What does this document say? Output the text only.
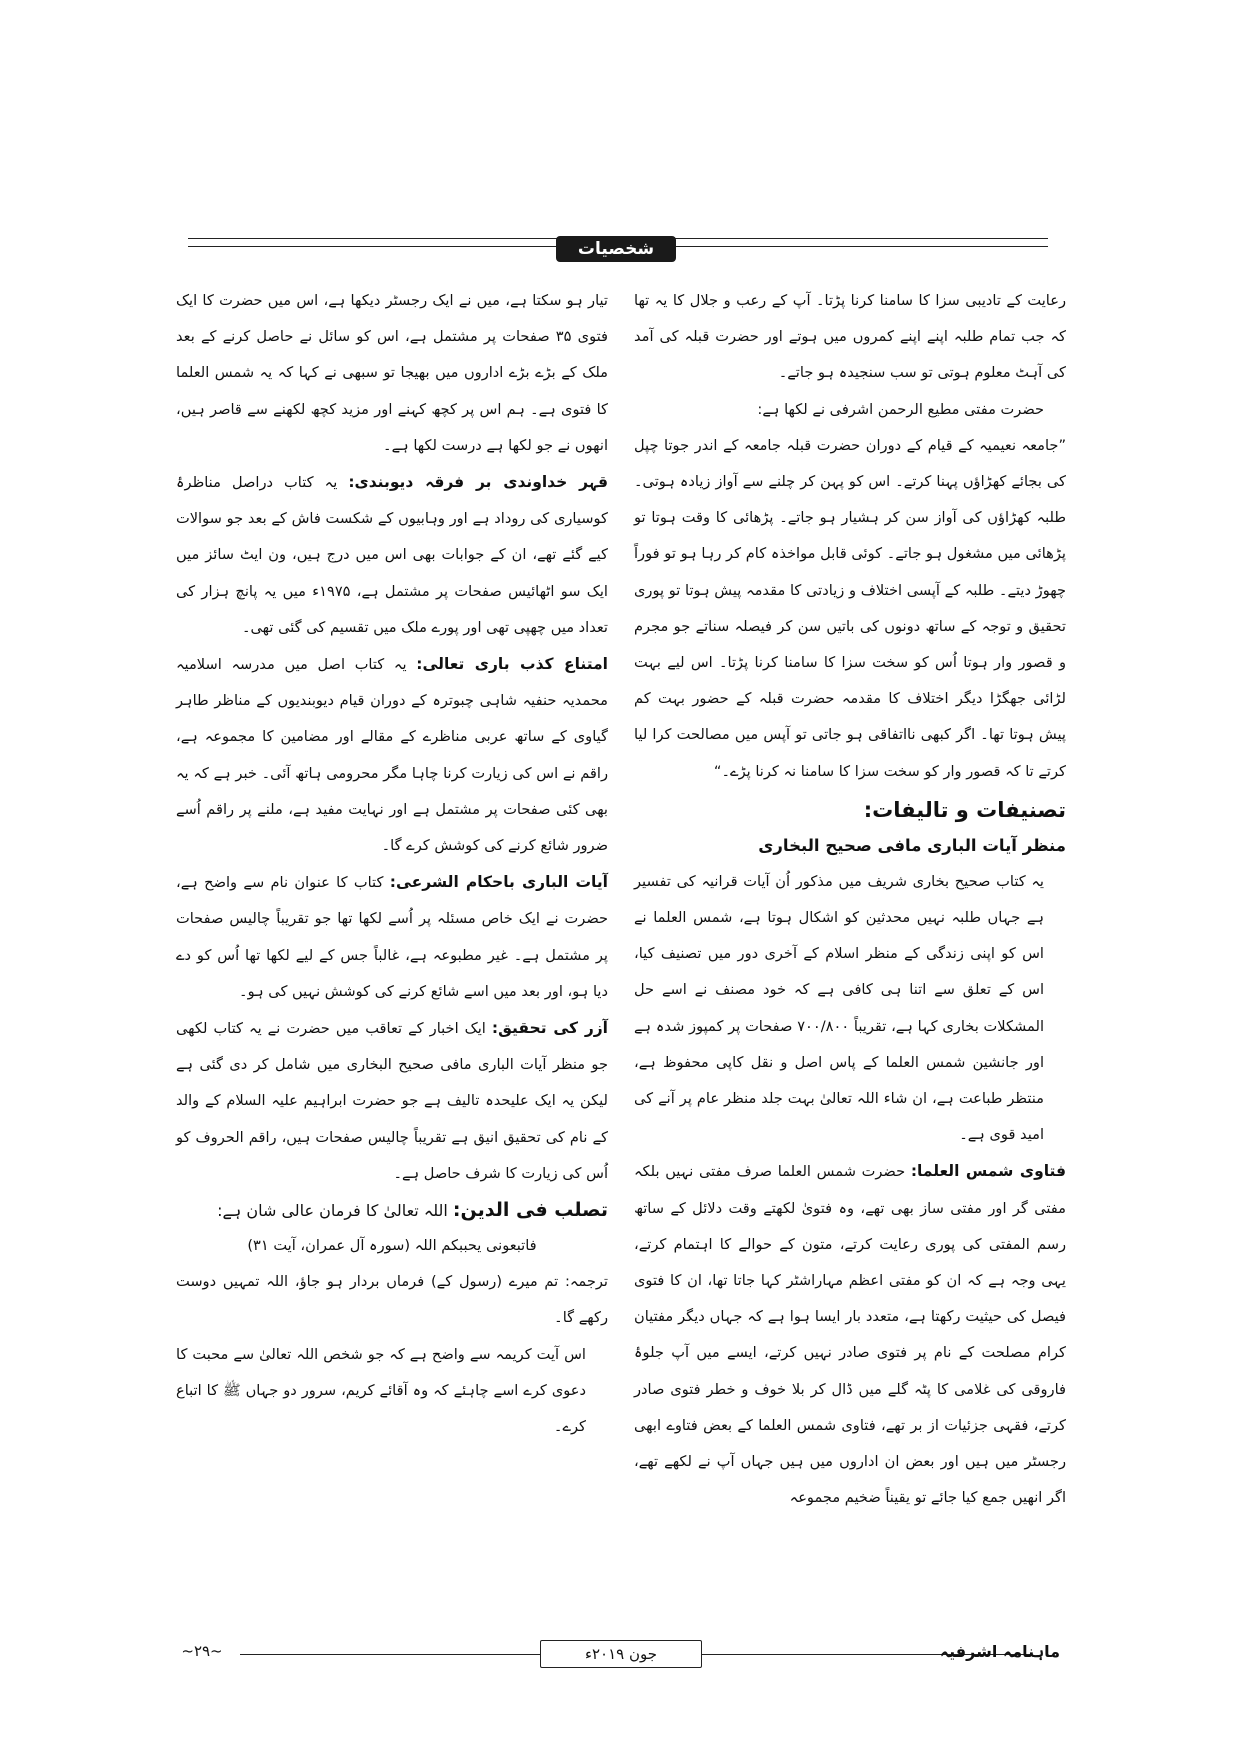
شخصیات

رعایت کے تادیبی سزا کا سامنا کرنا پڑتا۔ آپ کے رعب و جلال کا یہ تھا کہ جب تمام طلبہ اپنے اپنے کمروں میں ہوتے اور حضرت قبلہ کی آمد کی آہٹ معلوم ہوتی تو سب سنجیدہ ہو جاتے۔

حضرت مفتی مطیع الرحمن اشرفی نے لکھا ہے:

”جامعہ نعیمیہ کے قیام کے دوران حضرت قبلہ جامعہ کے اندر جوتا چپل کی بجائے کھڑاؤں پہنا کرتے۔ اس کو پہن کر چلنے سے آواز زیادہ ہوتی۔ طلبہ کھڑاؤں کی آواز سن کر ہشیار ہو جاتے۔ پڑھائی کا وقت ہوتا تو پڑھائی میں مشغول ہو جاتے۔ کوئی قابل مواخذہ کام کر رہا ہو تو فوراً چھوڑ دیتے۔ طلبہ کے آپسی اختلاف و زیادتی کا مقدمہ پیش ہوتا تو پوری تحقیق و توجہ کے ساتھ دونوں کی باتیں سن کر فیصلہ سناتے جو مجرم و قصور وار ہوتا اُس کو سخت سزا کا سامنا کرنا پڑتا۔ اس لیے بہت لڑائی جھگڑا دیگر اختلاف کا مقدمہ حضرت قبلہ کے حضور بہت کم پیش ہوتا تھا۔ اگر کبھی نااتفاقی ہو جاتی تو آپس میں مصالحت کرا لیا کرتے تا کہ قصور وار کو سخت سزا کا سامنا نہ کرنا پڑے۔“

تصنیفات و تالیفات:
منظر آیات الباری مافی صحیح البخاری

یہ کتاب صحیح بخاری شریف میں مذکور اُن آیات قرانیہ کی تفسیر ہے جہاں طلبہ نہیں محدثین کو اشکال ہوتا ہے، شمس العلما نے اس کو اپنی زندگی کے منظر اسلام کے آخری دور میں تصنیف کیا، اس کے تعلق سے اتنا ہی کافی ہے کہ خود مصنف نے اسے حل المشکلات بخاری کہا ہے، تقریباً ۷۰۰/۸۰۰ صفحات پر کمپوز شدہ ہے اور جانشین شمس العلما کے پاس اصل و نقل کاپی محفوظ ہے، منتظر طباعت ہے، ان شاء اللہ تعالیٰ بہت جلد منظر عام پر آنے کی امید قوی ہے۔

فتاوی شمس العلما: حضرت شمس العلما صرف مفتی نہیں بلکہ مفتی گر اور مفتی ساز بھی تھے، وہ فتویٰ لکھتے وقت دلائل کے ساتھ رسم المفتی کی پوری رعایت کرتے، متون کے حوالے کا اہتمام کرتے، یہی وجہ ہے کہ ان کو مفتی اعظم مہاراشٹر کہا جاتا تھا، ان کا فتوی فیصل کی حیثیت رکھتا ہے، متعدد بار ایسا ہوا ہے کہ جہاں دیگر مفتیان کرام مصلحت کے نام پر فتوی صادر نہیں کرتے، ایسے میں آپ جلوۂ فاروقی کی غلامی کا پٹہ گلے میں ڈال کر بلا خوف و خطر فتوی صادر کرتے، فقہی جزئیات از بر تھے، فتاوی شمس العلما کے بعض فتاوے ابھی رجسٹر میں ہیں اور بعض ان اداروں میں ہیں جہاں آپ نے لکھے تھے، اگر انھیں جمع کیا جائے تو یقیناً ضخیم مجموعہ

تیار ہو سکتا ہے، میں نے ایک رجسٹر دیکھا ہے، اس میں حضرت کا ایک فتوی ۳۵ صفحات پر مشتمل ہے، اس کو سائل نے حاصل کرنے کے بعد ملک کے بڑے بڑے اداروں میں بھیجا تو سبھی نے کہا کہ یہ شمس العلما کا فتوی ہے۔ ہم اس پر کچھ کہنے اور مزید کچھ لکھنے سے قاصر ہیں، انھوں نے جو لکھا ہے درست لکھا ہے۔

قہر خداوندی بر فرقہ دیوبندی: یہ کتاب دراصل مناظرۂ کوسیاری کی روداد ہے اور وہابیوں کے شکست فاش کے بعد جو سوالات کیے گئے تھے، ان کے جوابات بھی اس میں درج ہیں، ون ایٹ سائز میں ایک سو اٹھائیس صفحات پر مشتمل ہے، ۱۹۷۵ء میں یہ پانچ ہزار کی تعداد میں چھپی تھی اور پورے ملک میں تقسیم کی گئی تھی۔

امتناع کذب باری تعالی: یہ کتاب اصل میں مدرسہ اسلامیہ محمدیہ حنفیہ شاہی چبوترہ کے دوران قیام دیوبندیوں کے مناظر طاہر گیاوی کے ساتھ عربی مناظرے کے مقالے اور مضامین کا مجموعہ ہے، راقم نے اس کی زیارت کرنا چاہا مگر محرومی ہاتھ آئی۔ خبر ہے کہ یہ بھی کئی صفحات پر مشتمل ہے اور نہایت مفید ہے، ملنے پر راقم اُسے ضرور شائع کرنے کی کوشش کرے گا۔

آیات الباری باحکام الشرعی: کتاب کا عنوان نام سے واضح ہے، حضرت نے ایک خاص مسئلہ پر اُسے لکھا تھا جو تقریباً چالیس صفحات پر مشتمل ہے۔ غیر مطبوعہ ہے، غالباً جس کے لیے لکھا تھا اُس کو دے دیا ہو، اور بعد میں اسے شائع کرنے کی کوشش نہیں کی ہو۔

آزر کی تحقیق: ایک اخبار کے تعاقب میں حضرت نے یہ کتاب لکھی جو منظر آیات الباری مافی صحیح البخاری میں شامل کر دی گئی ہے لیکن یہ ایک علیحدہ تالیف ہے جو حضرت ابراہیم علیہ السلام کے والد کے نام کی تحقیق انیق ہے تقریباً چالیس صفحات ہیں، راقم الحروف کو اُس کی زیارت کا شرف حاصل ہے۔

تصلب فی الدین: اللہ تعالیٰ کا فرمان عالی شان ہے:

فاتبعونی یحببکم اللہ (سورہ آل عمران، آیت ۳۱)

ترجمہ: تم میرے (رسول کے) فرماں بردار ہو جاؤ، اللہ تمہیں دوست رکھے گا۔

اس آیت کریمہ سے واضح ہے کہ جو شخص اللہ تعالیٰ سے محبت کا دعوی کرے اسے چاہئے کہ وہ آقائے کریم، سرور دو جہاں ﷺ کا اتباع کرے۔

جون ۲۰۱۹ء	ماہنامہ اشرفیہ
~۲۹~
